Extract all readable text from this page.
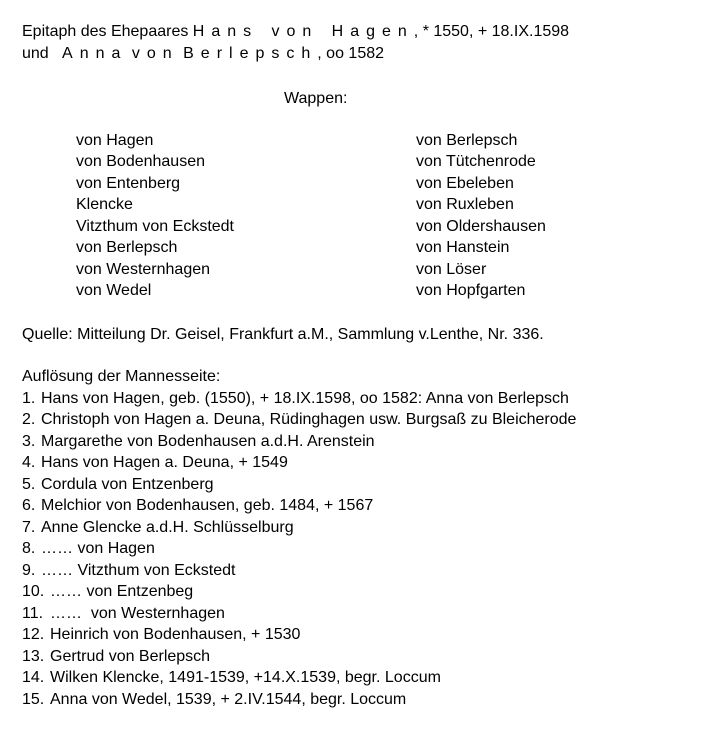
Epitaph des Ehepaares Hans von Hagen, * 1550, + 18.IX.1598
und Anna von Berlepsch, oo 1582
Wappen:
von Hagen
von Bodenhausen
von Entenberg
Klencke
Vitzthum von Eckstedt
von Berlepsch
von Westernhagen
von Wedel
von Berlepsch
von Tütchenrode
von Ebeleben
von Ruxleben
von Oldershausen
von Hanstein
von Löser
von Hopfgarten
Quelle: Mitteilung Dr. Geisel, Frankfurt a.M., Sammlung v.Lenthe, Nr. 336.
Auflösung der Mannesseite:
1. Hans von Hagen, geb. (1550), + 18.IX.1598, oo 1582: Anna von Berlepsch
2. Christoph von Hagen a. Deuna, Rüdinghagen usw. Burgsaß zu Bleicherode
3. Margarethe von Bodenhausen a.d.H. Arenstein
4. Hans von Hagen a. Deuna, + 1549
5. Cordula von Entzenberg
6. Melchior von Bodenhausen, geb. 1484, + 1567
7. Anne Glencke a.d.H. Schlüsselburg
8. …… von Hagen
9. …… Vitzthum von Eckstedt
10. …… von Entzenbeg
11. ……  von Westernhagen
12. Heinrich von Bodenhausen, + 1530
13. Gertrud von Berlepsch
14. Wilken Klencke, 1491-1539, +14.X.1539, begr. Loccum
15. Anna von Wedel, 1539, + 2.IV.1544, begr. Loccum
